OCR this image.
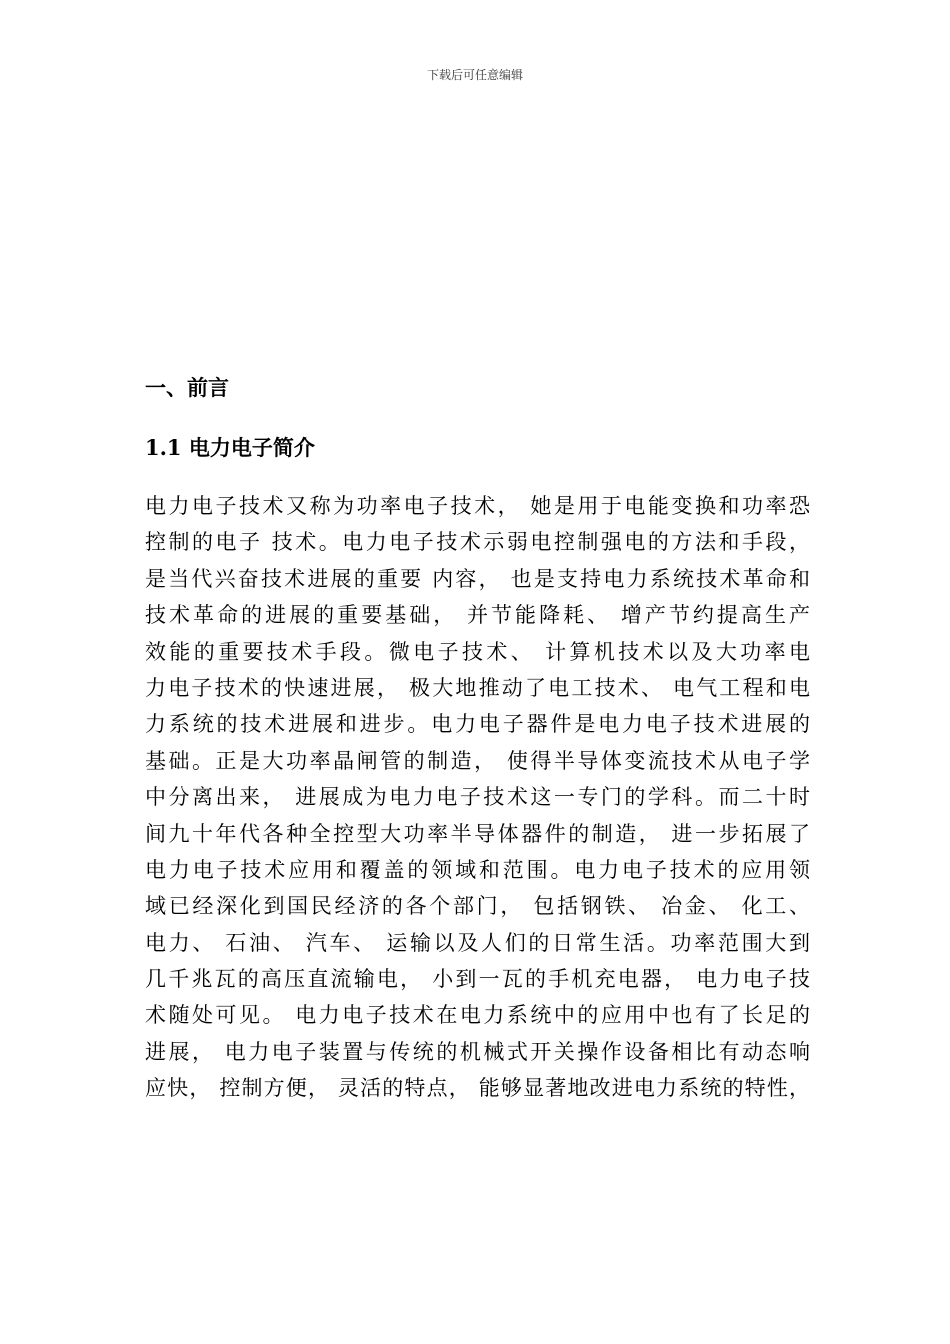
下载后可任意编辑
一、前言
1.1 电力电子简介
电力电子技术又称为功率电子技术， 她是用于电能变换和功率恐
控制的电子 技术。电力电子技术示弱电控制强电的方法和手段，
是当代兴奋技术进展的重要 内容， 也是支持电力系统技术革命和
技术革命的进展的重要基础， 并节能降耗、 增产节约提高生产
效能的重要技术手段。微电子技术、 计算机技术以及大功率电
力电子技术的快速进展， 极大地推动了电工技术、 电气工程和电
力系统的技术进展和进步。电力电子器件是电力电子技术进展的
基础。正是大功率晶闸管的制造， 使得半导体变流技术从电子学
中分离出来， 进展成为电力电子技术这一专门的学科。而二十时
间九十年代各种全控型大功率半导体器件的制造， 进一步拓展了
电力电子技术应用和覆盖的领域和范围。电力电子技术的应用领
域已经深化到国民经济的各个部门， 包括钢铁、 冶金、 化工、
电力、 石油、 汽车、 运输以及人们的日常生活。功率范围大到
几千兆瓦的高压直流输电， 小到一瓦的手机充电器， 电力电子技
术随处可见。 电力电子技术在电力系统中的应用中也有了长足的
进展， 电力电子装置与传统的机械式开关操作设备相比有动态响
应快， 控制方便， 灵活的特点， 能够显著地改进电力系统的特性，
